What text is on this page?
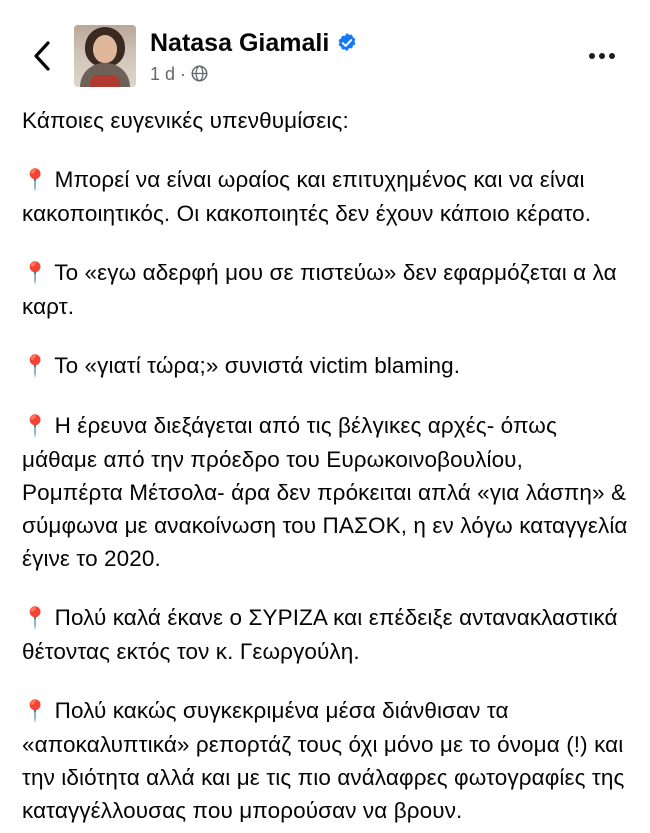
Natasa Giamali
1 d ·

Κάποιες ευγενικές υπενθυμίσεις:

📍 Μπορεί να είναι ωραίος και επιτυχημένος και να είναι κακοποιητικός. Οι κακοποιητές δεν έχουν κάποιο κέρατο.

📍 Το «εγω αδερφή μου σε πιστεύω» δεν εφαρμόζεται α λα καρτ.

📍 Το «γιατί τώρα;» συνιστά victim blaming.

📍 Η έρευνα διεξάγεται από τις βέλγικες αρχές- όπως μάθαμε από την πρόεδρο του Ευρωκοινοβουλίου, Ρομπέρτα Μέτσολα- άρα δεν πρόκειται απλά «για λάσπη» & σύμφωνα με ανακοίνωση του ΠΑΣΟΚ, η εν λόγω καταγγελία έγινε το 2020.

📍 Πολύ καλά έκανε ο ΣΥΡΙΖΑ και επέδειξε αντανακλαστικά θέτοντας εκτός τον κ. Γεωργούλη.

📍 Πολύ κακώς συγκεκριμένα μέσα διάνθισαν τα «αποκαλυπτικά» ρεπορτάζ τους όχι μόνο με το όνομα (!) και την ιδιότητα αλλά και με τις πιο ανάλαφρες φωτογραφίες της καταγγέλλουσας που μπορούσαν να βρουν.
